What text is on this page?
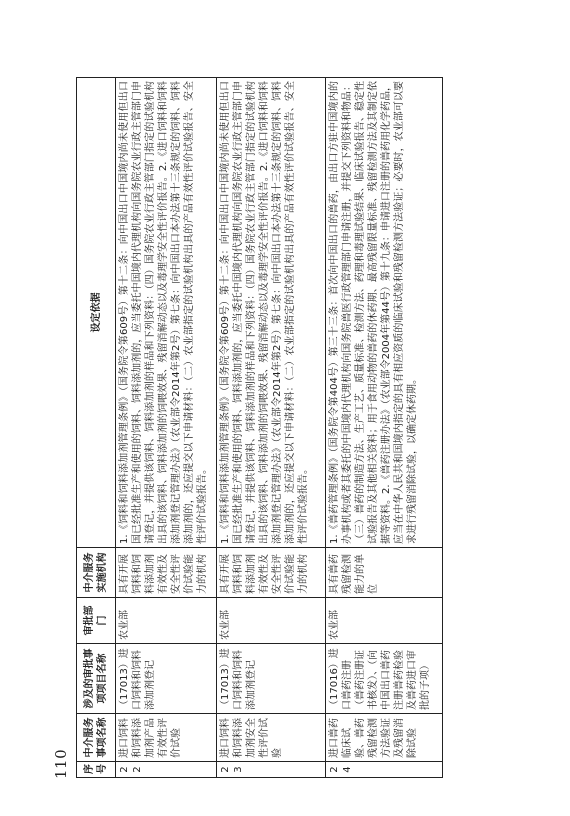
110 序号	中介服务事项名称	涉及的审批事项项目名称	审批部门	中介服务实施机构	设定依据
22	进口饲料和饲料添加剂产品有效性评价试验	（17013）进口饲料和饲料添加剂登记	农业部	具有开展饲料和饲料添加剂有效性及安全性评价试验能力的机构	1.《饲料和饲料添加剂管理条例》（国务院令第609号）第十二条：向中国出口中国境内尚未使用但出口国已经批准生产和使用的饲料、饲料添加剂的，应当委托中国境内代理机构向国务院农业行政主管部门申请登记，并提供该饲料、饲料添加剂的样品和下列资料：（四）国务院农业行政主管部门指定的试验机构出具的该饲料、饲料添加剂的饲喂效果、残留消解动态以及毒理学安全性评价报告。2.《进口饲料和饲料添加剂登记管理办法》（农业部令2014年第2号）第七条：向中国出口本办法第十三条规定的饲料、饲料添加剂的，还应提交以下申请材料：（二）农业部指定的试验机构出具的产品有效性评价试验报告、安全性评价试验报告。
23	进口饲料和饲料添加剂安全性评价试验	（17013）进口饲料和饲料添加剂登记	农业部	具有开展饲料和饲料添加剂有效性及安全性评价试验能力的机构	1.《饲料和饲料添加剂管理条例》（国务院令第609号）第十二条：向中国出口中国境内尚未使用但出口国已经批准生产和使用的饲料、饲料添加剂的，应当委托中国境内代理机构向国务院农业行政主管部门申请登记，并提供该饲料、饲料添加剂的样品和下列资料：（四）国务院农业行政主管部门指定的试验机构出具的该饲料、饲料添加剂的饲喂效果、残留消解动态以及毒理学安全性评价报告。2.《进口饲料和饲料添加剂登记管理办法》（农业部令2014年第2号）第七条：向中国出口本办法第十三条规定的饲料、饲料添加剂的，还应提交以下申请材料：（二）农业部指定的试验机构出具的产品有效性评价试验报告、安全性评价试验报告。
24	进口兽药临床试验、兽药残留检测方法验证及残留消除试验	（17016）进口兽药注册（兽药注册证书核发）、（向中国出口兽药注册兽药检验及兽药进口审批的子项）	农业部	具有兽药残留检测能力的单位	1.《兽药管理条例》（国务院令第404号）第三十三条：首次向中国出口的兽药，由出口方驻中国境内的办事机构或者其委托的中国境内代理机构向国务院兽医行政管理部门申请注册，并提交下列资料和物品：（三）兽药的制造方法、生产工艺、质量标准、检测方法、药理和毒理试验结果、临床试验报告、稳定性试验报告及其他相关资料；用于食用动物的兽药的休药期、最高残留限量标准、残留检测方法及其制定依据等资料。2.《兽药注册办法》（农业部令2004年第44号）第十九条：申请进口注册的兽药用化学药品，应当在中华人民共和国境内指定的具有相应资质的临床试验和残留检测方法验证；必要时，农业部可以要求进行残留消除试验，以确定休药期。
